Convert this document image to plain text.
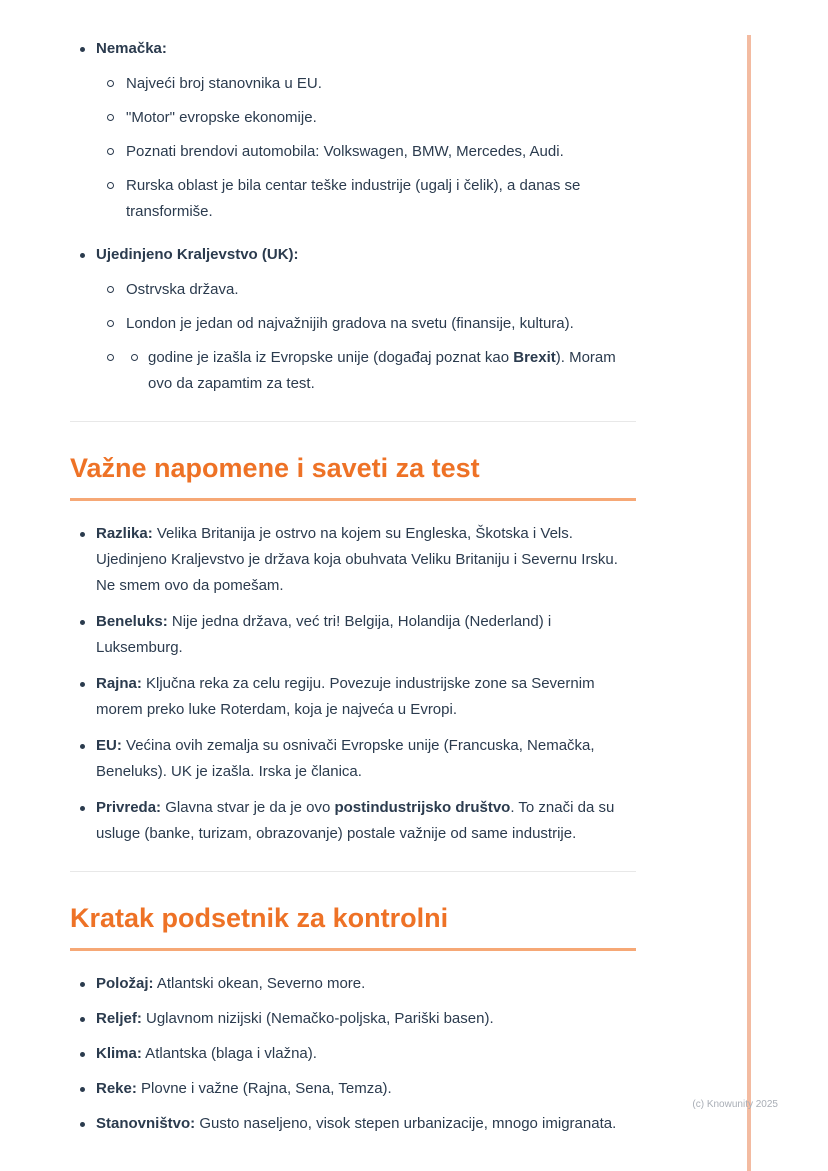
Nemačka:
Najveći broj stanovnika u EU.
"Motor" evropske ekonomije.
Poznati brendovi automobila: Volkswagen, BMW, Mercedes, Audi.
Rurska oblast je bila centar teške industrije (ugalj i čelik), a danas se transformiše.
Ujedinjeno Kraljevstvo (UK):
Ostrvska država.
London je jedan od najvažnijih gradova na svetu (finansije, kultura).
godine je izašla iz Evropske unije (događaj poznat kao Brexit). Moram ovo da zapamtim za test.
Važne napomene i saveti za test
Razlika: Velika Britanija je ostrvo na kojem su Engleska, Škotska i Vels. Ujedinjeno Kraljevstvo je država koja obuhvata Veliku Britaniju i Severnu Irsku. Ne smem ovo da pomešam.
Beneluks: Nije jedna država, već tri! Belgija, Holandija (Nederland) i Luksemburg.
Rajna: Ključna reka za celu regiju. Povezuje industrijske zone sa Severnim morem preko luke Roterdam, koja je najveća u Evropi.
EU: Većina ovih zemalja su osnivači Evropske unije (Francuska, Nemačka, Beneluks). UK je izašla. Irska je članica.
Privreda: Glavna stvar je da je ovo postindustrijsko društvo. To znači da su usluge (banke, turizam, obrazovanje) postale važnije od same industrije.
Kratak podsetnik za kontrolni
Položaj: Atlantski okean, Severno more.
Reljef: Uglavnom nizijski (Nemačko-poljska, Pariški basen).
Klima: Atlantska (blaga i vlažna).
Reke: Plovne i važne (Rajna, Sena, Temza).
Stanovništvo: Gusto naseljeno, visok stepen urbanizacije, mnogo imigranata.
(c) Knowunity 2025
